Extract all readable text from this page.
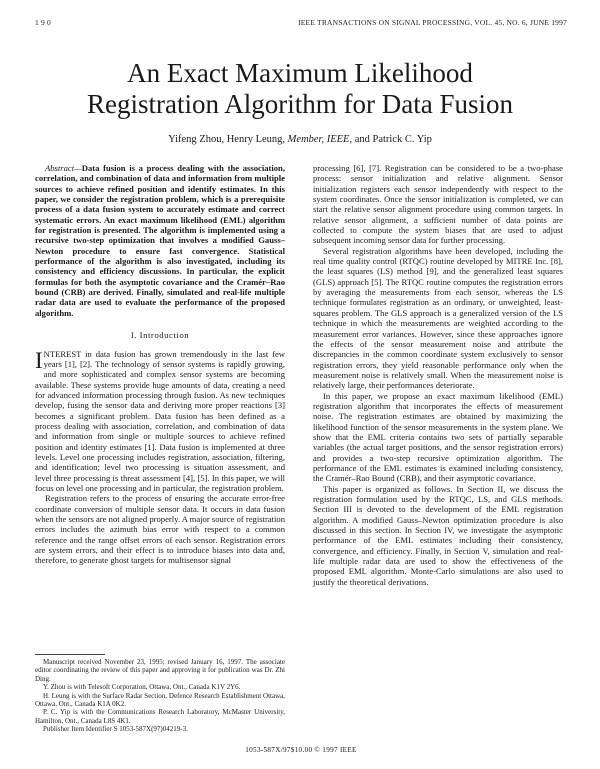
1 9 0	IEEE TRANSACTIONS ON SIGNAL PROCESSING, VOL. 45, NO. 6, JUNE 1997
An Exact Maximum Likelihood
Registration Algorithm for Data Fusion
Yifeng Zhou, Henry Leung, Member, IEEE, and Patrick C. Yip

Abstract—Data fusion is a process dealing with the association, correlation, and combination of data and information from multiple sources to achieve refined position and identify estimates. In this paper, we consider the registration problem, which is a prerequisite process of a data fusion system to accurately estimate and correct systematic errors. An exact maximum likelihood (EML) algorithm for registration is presented. The algorithm is implemented using a recursive two-step optimization that involves a modified Gauss–Newton procedure to ensure fast convergence. Statistical performance of the algorithm is also investigated, including its consistency and efficiency discussions. In particular, the explicit formulas for both the asymptotic covariance and the Cramér–Rao bound (CRB) are derived. Finally, simulated and real-life multiple radar data are used to evaluate the performance of the proposed algorithm.

I. Introduction

INTEREST in data fusion has grown tremendously in the last few years [1], [2]. The technology of sensor systems is rapidly growing, and more sophisticated and complex sensor systems are becoming available. These systems provide huge amounts of data, creating a need for advanced information processing through fusion. As new techniques develop, fusing the sensor data and deriving more proper reactions [3] becomes a significant problem. Data fusion has been defined as a process dealing with association, correlation, and combination of data and information from single or multiple sources to achieve refined position and identity estimates [1]. Data fusion is implemented at three levels. Level one processing includes registration, association, filtering, and identification; level two processing is situation assessment, and level three processing is threat assessment [4], [5]. In this paper, we will focus on level one processing and in particular, the registration problem.

Registration refers to the process of ensuring the accurate error-free coordinate conversion of multiple sensor data. It occurs in data fusion when the sensors are not aligned properly. A major source of registration errors includes the azimuth bias error with respect to a common reference and the range offset errors of each sensor. Registration errors are system errors, and their effect is to introduce biases into data and, therefore, to generate ghost targets for multisensor signal

Manuscript received November 23, 1995; revised January 16, 1997. The associate editor coordinating the review of this paper and approving it for publication was Dr. Zhi Ding.

Y. Zhou is with Telesoft Corporation, Ottawa, Ont., Canada K1V 2Y6.

H. Leung is with the Surface Radar Section, Defence Research Establishment Ottawa, Ottawa, Ont., Canada K1A 0K2.

P. C. Yip is with the Communications Research Laboratory, McMaster University, Hamilton, Ont., Canada L8S 4K1.

Publisher Item Identifier S 1053-587X(97)04219-3.

processing [6], [7]. Registration can be considered to be a two-phase process: sensor initialization and relative alignment. Sensor initialization registers each sensor independently with respect to the system coordinates. Once the sensor initialization is completed, we can start the relative sensor alignment procedure using common targets. In relative sensor alignment, a sufficient number of data points are collected to compute the system biases that are used to adjust subsequent incoming sensor data for further processing.

Several registration algorithms have been developed, including the real time quality control (RTQC) routine developed by MITRE Inc. [8], the least squares (LS) method [9], and the generalized least squares (GLS) approach [5]. The RTQC routine computes the registration errors by averaging the measurements from each sensor, whereas the LS technique formulates registration as an ordinary, or unweighted, least-squares problem. The GLS approach is a generalized version of the LS technique in which the measurements are weighted according to the measurement error variances. However, since these approaches ignore the effects of the sensor measurement noise and attribute the discrepancies in the common coordinate system exclusively to sensor registration errors, they yield reasonable performance only when the measurement noise is relatively small. When the measurement noise is relatively large, their performances deteriorate.

In this paper, we propose an exact maximum likelihood (EML) registration algorithm that incorporates the effects of measurement noise. The registration estimates are obtained by maximizing the likelihood function of the sensor measurements in the system plane. We show that the EML criteria contains two sets of partially separable variables (the actual target positions, and the sensor registration errors) and provides a two-step recursive optimization algorithm. The performance of the EML estimates is examined including consistency, the Cramér–Rao Bound (CRB), and their asymptotic covariance.

This paper is organized as follows. In Section II, we discuss the registration formulation used by the RTQC, LS, and GLS methods. Section III is devoted to the development of the EML registration algorithm. A modified Gauss–Newton optimization procedure is also discussed in this section. In Section IV, we investigate the asymptotic performance of the EML estimates including their consistency, convergence, and efficiency. Finally, in Section V, simulation and real-life multiple radar data are used to show the effectiveness of the proposed EML algorithm. Monte-Carlo simulations are also used to justify the theoretical derivations.

1053-587X/97$10.00 © 1997 IEEE
